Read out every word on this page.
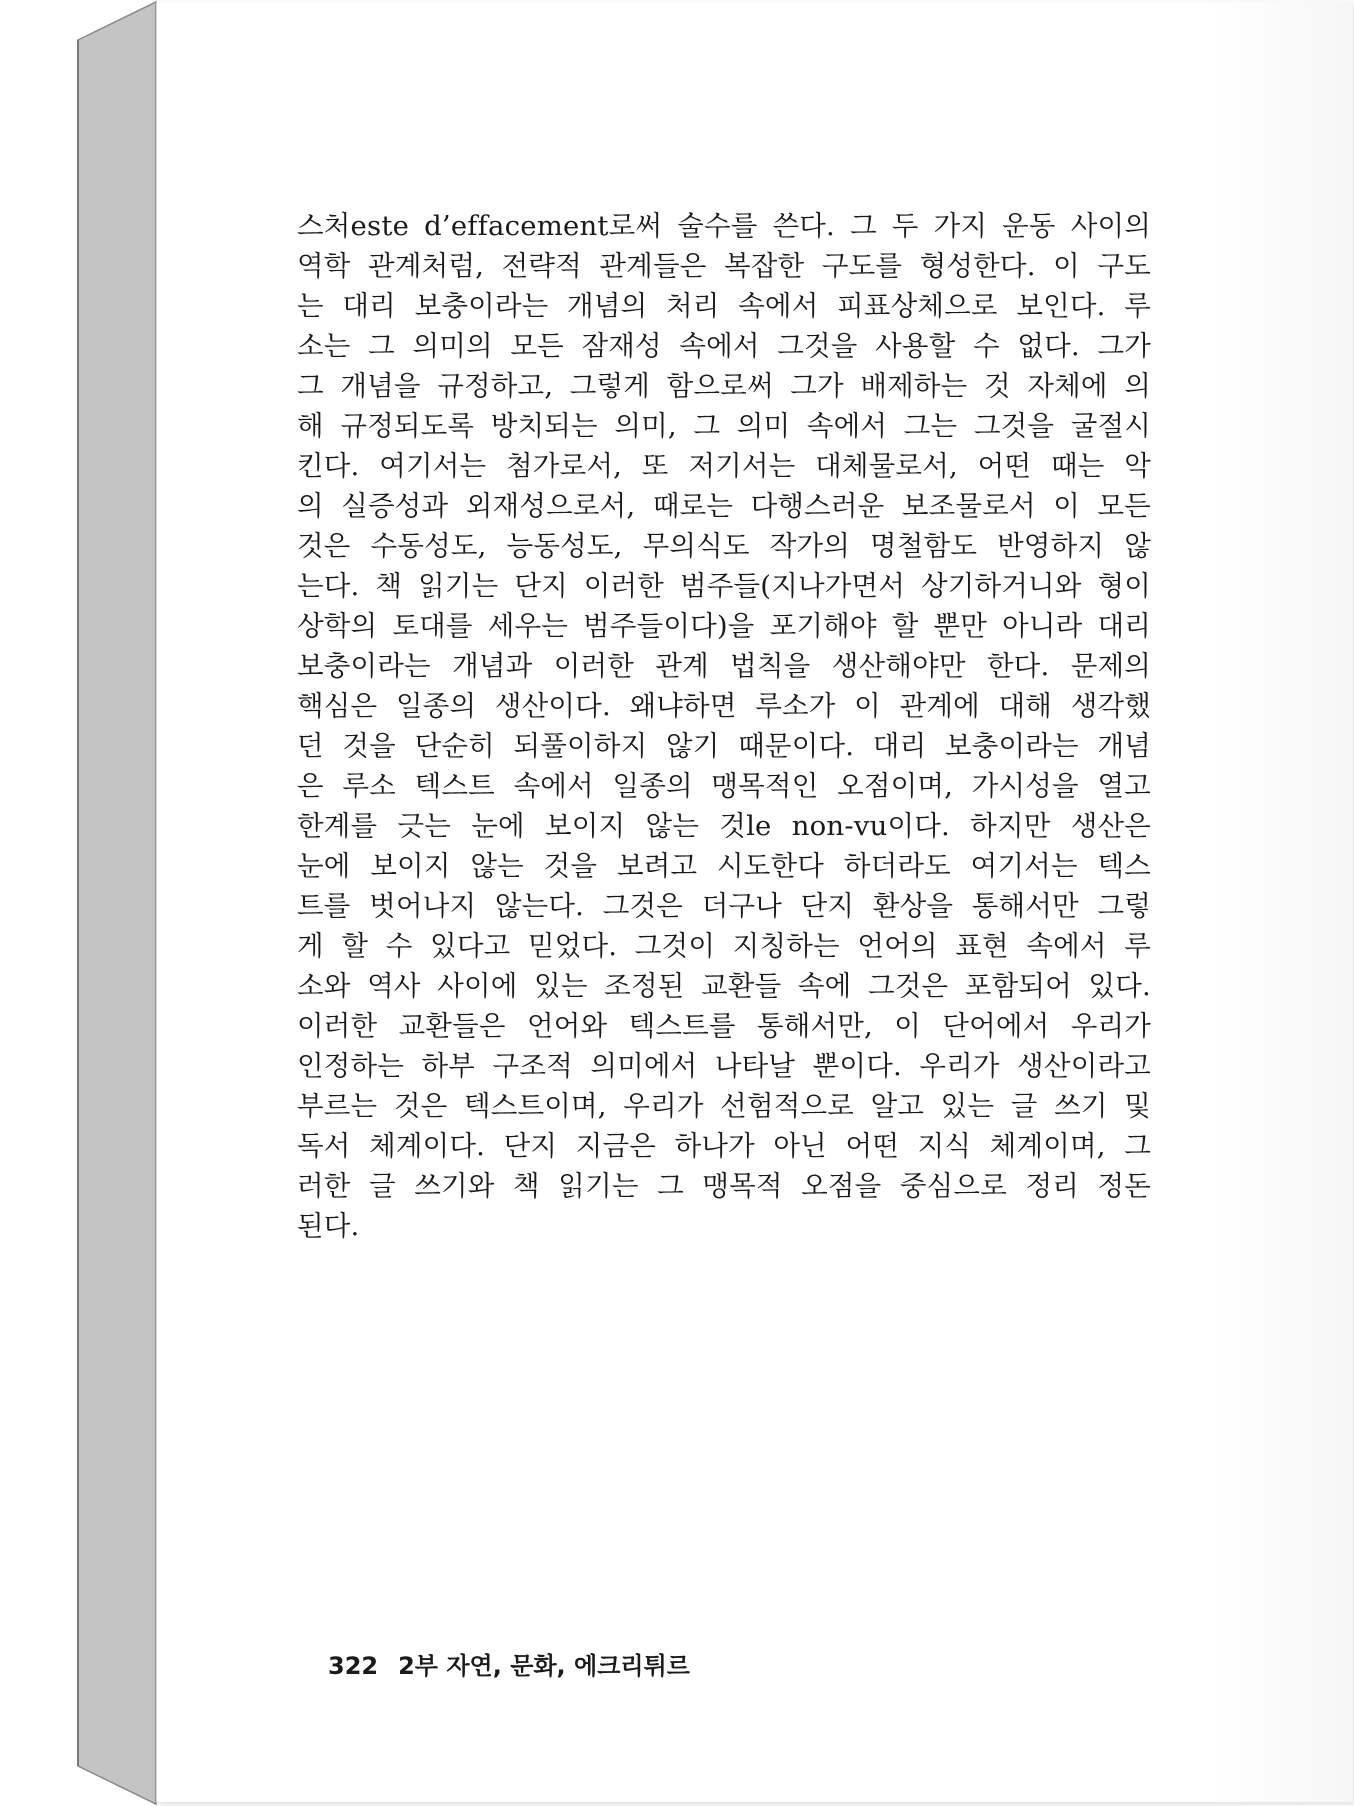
스처este d’effacement로써 술수를 쓴다. 그 두 가지 운동 사이의
역학 관계처럼, 전략적 관계들은 복잡한 구도를 형성한다. 이 구도
는 대리 보충이라는 개념의 처리 속에서 피표상체으로 보인다. 루
소는 그 의미의 모든 잠재성 속에서 그것을 사용할 수 없다. 그가
그 개념을 규정하고, 그렇게 함으로써 그가 배제하는 것 자체에 의
해 규정되도록 방치되는 의미, 그 의미 속에서 그는 그것을 굴절시
킨다. 여기서는 첨가로서, 또 저기서는 대체물로서, 어떤 때는 악
의 실증성과 외재성으로서, 때로는 다행스러운 보조물로서 이 모든
것은 수동성도, 능동성도, 무의식도 작가의 명철함도 반영하지 않
는다. 책 읽기는 단지 이러한 범주들(지나가면서 상기하거니와 형이
상학의 토대를 세우는 범주들이다)을 포기해야 할 뿐만 아니라 대리
보충이라는 개념과 이러한 관계 법칙을 생산해야만 한다. 문제의
핵심은 일종의 생산이다. 왜냐하면 루소가 이 관계에 대해 생각했
던 것을 단순히 되풀이하지 않기 때문이다. 대리 보충이라는 개념
은 루소 텍스트 속에서 일종의 맹목적인 오점이며, 가시성을 열고
한계를 긋는 눈에 보이지 않는 것le non-vu이다. 하지만 생산은
눈에 보이지 않는 것을 보려고 시도한다 하더라도 여기서는 텍스
트를 벗어나지 않는다. 그것은 더구나 단지 환상을 통해서만 그렇
게 할 수 있다고 믿었다. 그것이 지칭하는 언어의 표현 속에서 루
소와 역사 사이에 있는 조정된 교환들 속에 그것은 포함되어 있다.
이러한 교환들은 언어와 텍스트를 통해서만, 이 단어에서 우리가
인정하는 하부 구조적 의미에서 나타날 뿐이다. 우리가 생산이라고
부르는 것은 텍스트이며, 우리가 선험적으로 알고 있는 글 쓰기 및
독서 체계이다. 단지 지금은 하나가 아닌 어떤 지식 체계이며, 그
러한 글 쓰기와 책 읽기는 그 맹목적 오점을 중심으로 정리 정돈
된다.
322 2부 자연, 문화, 에크리튀르
